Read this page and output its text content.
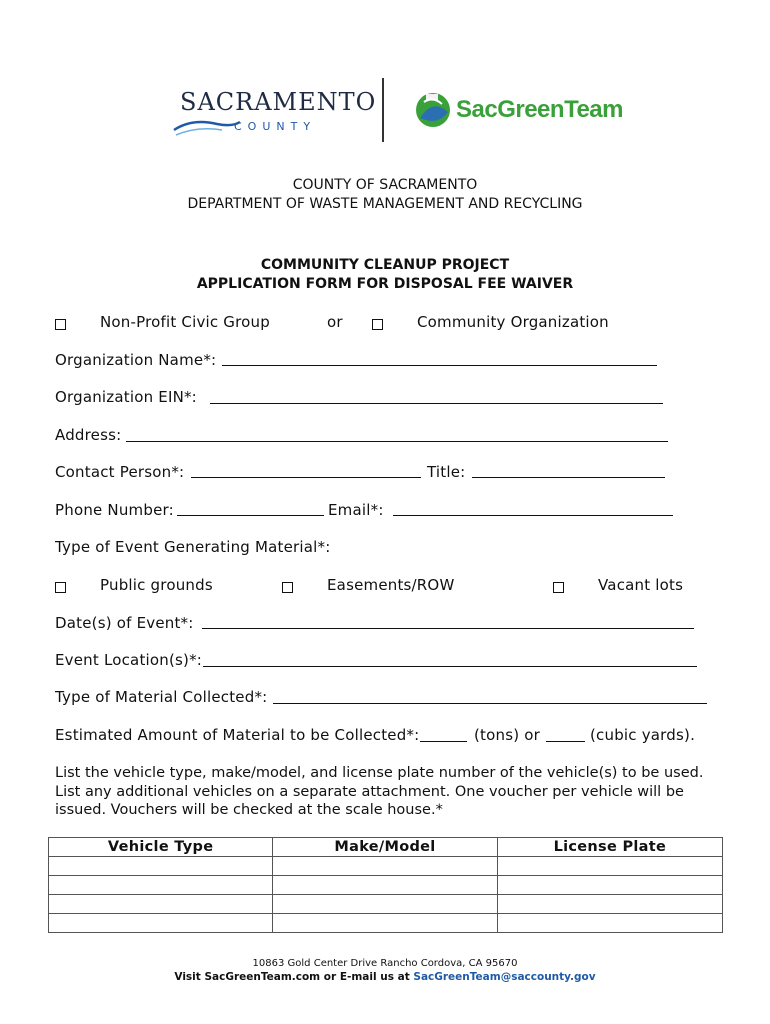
SACRAMENTO
COUNTY
SacGreenTeam
COUNTY OF SACRAMENTO
DEPARTMENT OF WASTE MANAGEMENT AND RECYCLING
COMMUNITY CLEANUP PROJECT
APPLICATION FORM FOR DISPOSAL FEE WAIVER
Non-Profit Civic Group	or	Community Organization
Organization Name*:
Organization EIN*:
Address:
Contact Person*:	Title:
Phone Number:	Email*:
Type of Event Generating Material*:
Public grounds	Easements/ROW	Vacant lots
Date(s) of Event*:
Event Location(s)*:
Type of Material Collected*:
Estimated Amount of Material to be Collected*:	(tons) or	(cubic yards).
List the vehicle type, make/model, and license plate number of the vehicle(s) to be used. List any additional vehicles on a separate attachment. One voucher per vehicle will be issued. Vouchers will be checked at the scale house.*
Vehicle Type	Make/Model	License Plate

10863 Gold Center Drive Rancho Cordova, CA 95670
Visit SacGreenTeam.com or E-mail us at SacGreenTeam@saccounty.gov
